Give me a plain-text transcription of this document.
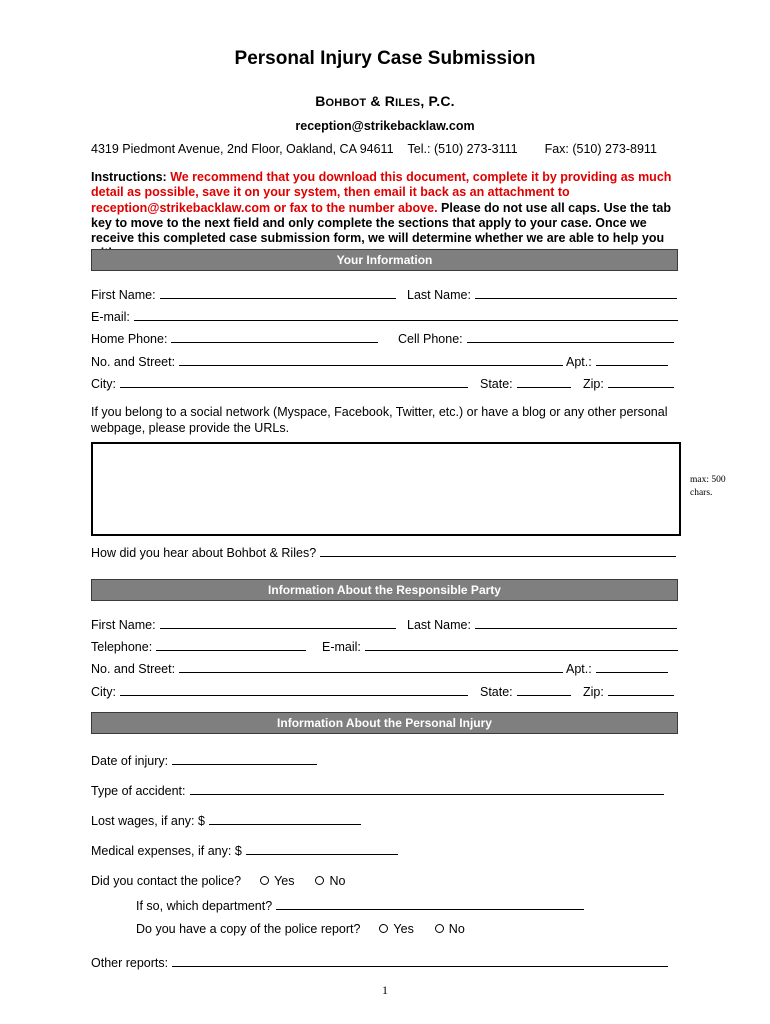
Personal Injury Case Submission
BOHBOT & RILES, P.C.
reception@strikebacklaw.com
4319 Piedmont Avenue, 2nd Floor, Oakland, CA 94611 Tel.: (510) 273-3111 Fax: (510) 273-8911
Instructions: We recommend that you download this document, complete it by providing as much detail as possible, save it on your system, then email it back as an attachment to reception@strikebacklaw.com or fax to the number above. Please do not use all caps. Use the tab key to move to the next field and only complete the sections that apply to your case. Once we receive this completed case submission form, we will determine whether we are able to help you
Your Information
First Name:	Last Name:
E-mail:
Home Phone:	Cell Phone:
No. and Street:	Apt.:
City:	State:	Zip:
If you belong to a social network (Myspace, Facebook, Twitter, etc.) or have a blog or any other personal webpage, please provide the URLs.
max: 500 chars.
How did you hear about Bohbot & Riles?
Information About the Responsible Party
First Name:	Last Name:
Telephone:	E-mail:
No. and Street:	Apt.:
City:	State:	Zip:
Information About the Personal Injury
Date of injury:
Type of accident:
Lost wages, if any: $
Medical expenses, if any: $
Did you contact the police?	Yes	No
If so, which department?
Do you have a copy of the police report?	Yes	No
Other reports:
1
